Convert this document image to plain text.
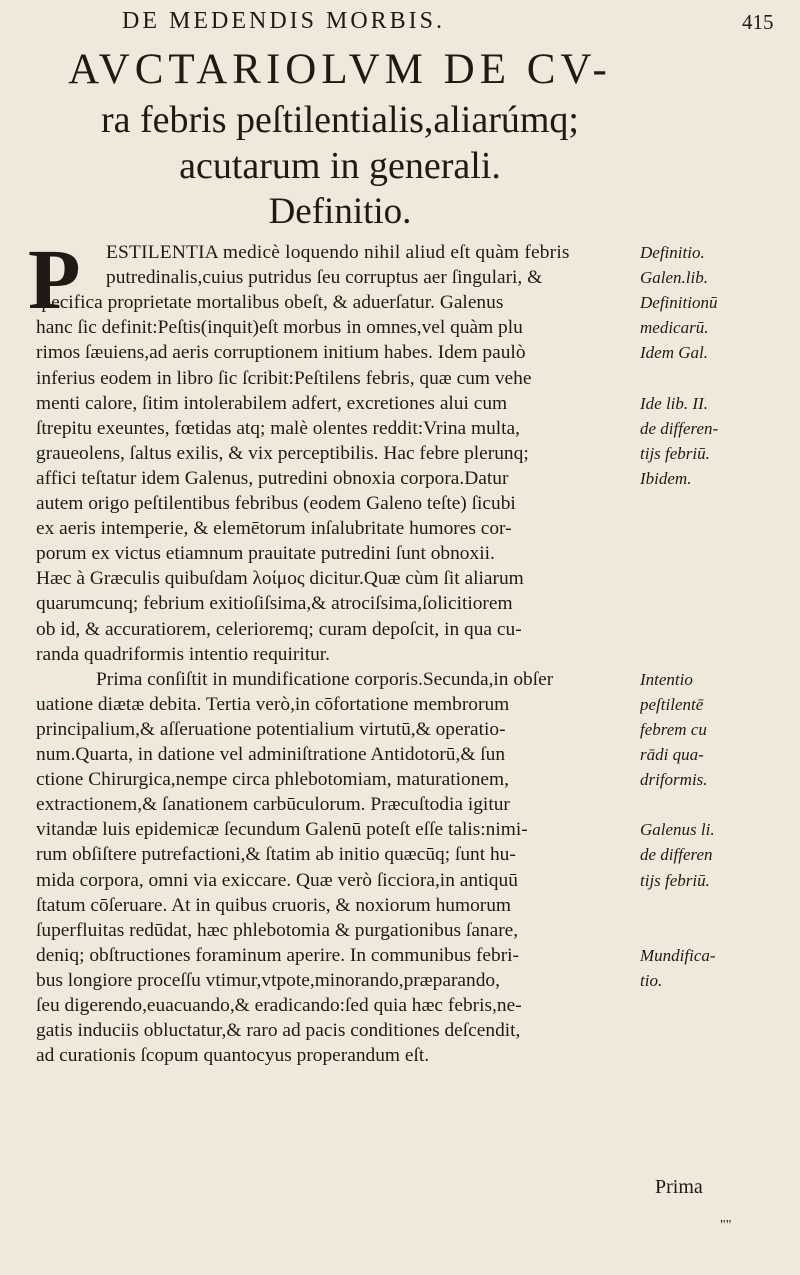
DE MEDENDIS MORBIS.	415
AVCTARIOLVM DE CV-
ra febris peſtilentialis,aliarúmq;
acutarum in generali.
Definitio.
P ESTILENTIA medicè loquendo nihil aliud eſt quàm febris
putredinalis,cuius putridus ſeu corruptus aer ſingulari, &
ſpecifica proprietate mortalibus obeſt, & aduerſatur. Galenus
hanc ſic definit:Peſtis(inquit)eſt morbus in omnes,vel quàm plu
rimos ſæuiens,ad aeris corruptionem initium habes. Idem paulò
inferius eodem in libro ſic ſcribit:Peſtilens febris, quæ cum vehe
menti calore, ſitim intolerabilem adfert, excretiones alui cum
ſtrepitu exeuntes, fœtidas atq; malè olentes reddit:Vrina multa,
graueolens, ſaltus exilis, & vix perceptibilis. Hac febre plerunq;
affici teſtatur idem Galenus, putredini obnoxia corpora.Datur
autem origo peſtilentibus febribus (eodem Galeno teſte) ſicubi
ex aeris intemperie, & elemētorum inſalubritate humores cor-
porum ex victus etiamnum prauitate putredini ſunt obnoxii.
Hæc à Græculis quibuſdam λοίμος dicitur.Quæ cùm ſit aliarum
quarumcunq; febrium exitioſiſsima,& atrociſsima,ſolicitiorem
ob id, & accuratiorem, celerioremq; curam depoſcit, in qua cu-
randa quadriformis intentio requiritur.
Prima conſiſtit in mundificatione corporis.Secunda,in obſer
uatione diætæ debita. Tertia verò,in cōfortatione membrorum
principalium,& aſſeruatione potentialium virtutū,& operatio-
num.Quarta, in datione vel adminiſtratione Antidotorū,& ſun
ctione Chirurgica,nempe circa phlebotomiam, maturationem,
extractionem,& ſanationem carbūculorum. Præcuſtodia igitur
vitandæ luis epidemicæ ſecundum Galenū poteſt eſſe talis:nimi-
rum obſiſtere putrefactioni,& ſtatim ab initio quæcūq; ſunt hu-
mida corpora, omni via exiccare. Quæ verò ſicciora,in antiquū
ſtatum cōſeruare. At in quibus cruoris, & noxiorum humorum
ſuperfluitas redūdat, hæc phlebotomia & purgationibus ſanare,
deniq; obſtructiones foraminum aperire. In communibus febri-
bus longiore proceſſu vtimur,vtpote,minorando,præparando,
ſeu digerendo,euacuando,& eradicando:ſed quia hæc febris,ne-
gatis induciis obluctatur,& raro ad pacis conditiones deſcendit,
ad curationis ſcopum quantocyus properandum eſt.
Definitio.
Galen.lib.
Definitionū
medicarū.
Idem Gal.
Ide lib. II.
de differen-
tijs febriū.
Ibidem.
Intentio
peſtilentē
febrem cu
rādi qua-
driformis.
Galenus li.
de differen
tijs febriū.
Mundifica-
tio.
Prima
""
